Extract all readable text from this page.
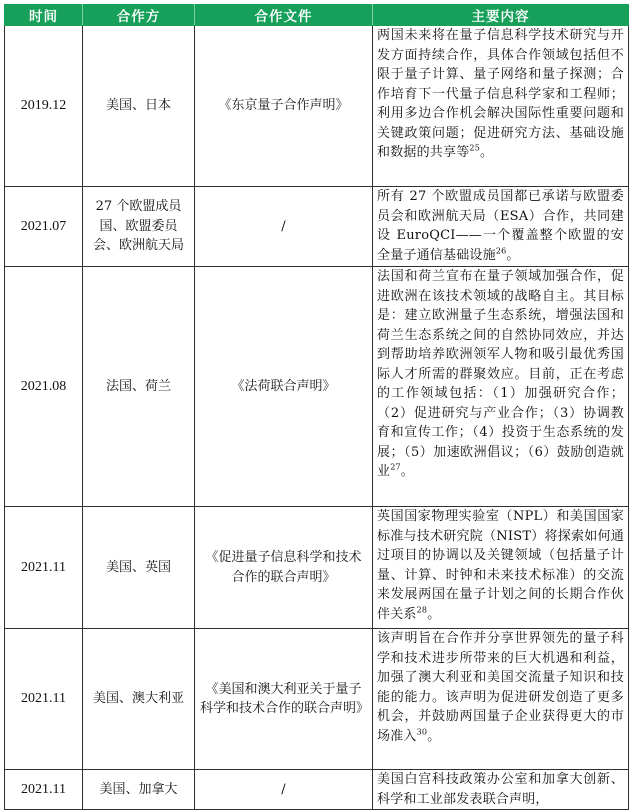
时间	合作方	合作文件	主要内容
2019.12	美国、日本	《东京量子合作声明》	两国未来将在量子信息科学技术研究与开发方面持续合作，具体合作领域包括但不限于量子计算、量子网络和量子探测；合作培育下一代量子信息科学家和工程师；利用多边合作机会解决国际性重要问题和关键政策问题；促进研究方法、基础设施和数据的共享等$^{25}$。
2021.07	27 个欧盟成员国、欧盟委员会、欧洲航天局	/	所有 27 个欧盟成员国都已承诺与欧盟委员会和欧洲航天局（ESA）合作，共同建设 EuroQCI——一个覆盖整个欧盟的安全量子通信基础设施$^{26}$。
2021.08	法国、荷兰	《法荷联合声明》	法国和荷兰宣布在量子领域加强合作，促进欧洲在该技术领域的战略自主。其目标是：建立欧洲量子生态系统，增强法国和荷兰生态系统之间的自然协同效应，并达到帮助培养欧洲领军人物和吸引最优秀国际人才所需的群聚效应。目前，正在考虑的工作领域包括：（1）加强研究合作；（2）促进研究与产业合作；（3）协调教育和宣传工作；（4）投资于生态系统的发展；（5）加速欧洲倡议；（6）鼓励创造就业$^{27}$。
2021.11	美国、英国	《促进量子信息科学和技术合作的联合声明》	英国国家物理实验室（NPL）和美国国家标准与技术研究院（NIST）将探索如何通过项目的协调以及关键领域（包括量子计量、计算、时钟和未来技术标准）的交流来发展两国在量子计划之间的长期合作伙伴关系$^{28}$。
2021.11	美国、澳大利亚	《美国和澳大利亚关于量子科学和技术合作的联合声明》	该声明旨在合作并分享世界领先的量子科学和技术进步所带来的巨大机遇和利益，加强了澳大利亚和美国交流量子知识和技能的能力。该声明为促进研发创造了更多机会，并鼓励两国量子企业获得更大的市场准入$^{30}$。
2021.11	美国、加拿大	/	美国白宫科技政策办公室和加拿大创新、科学和工业部发表联合声明，
